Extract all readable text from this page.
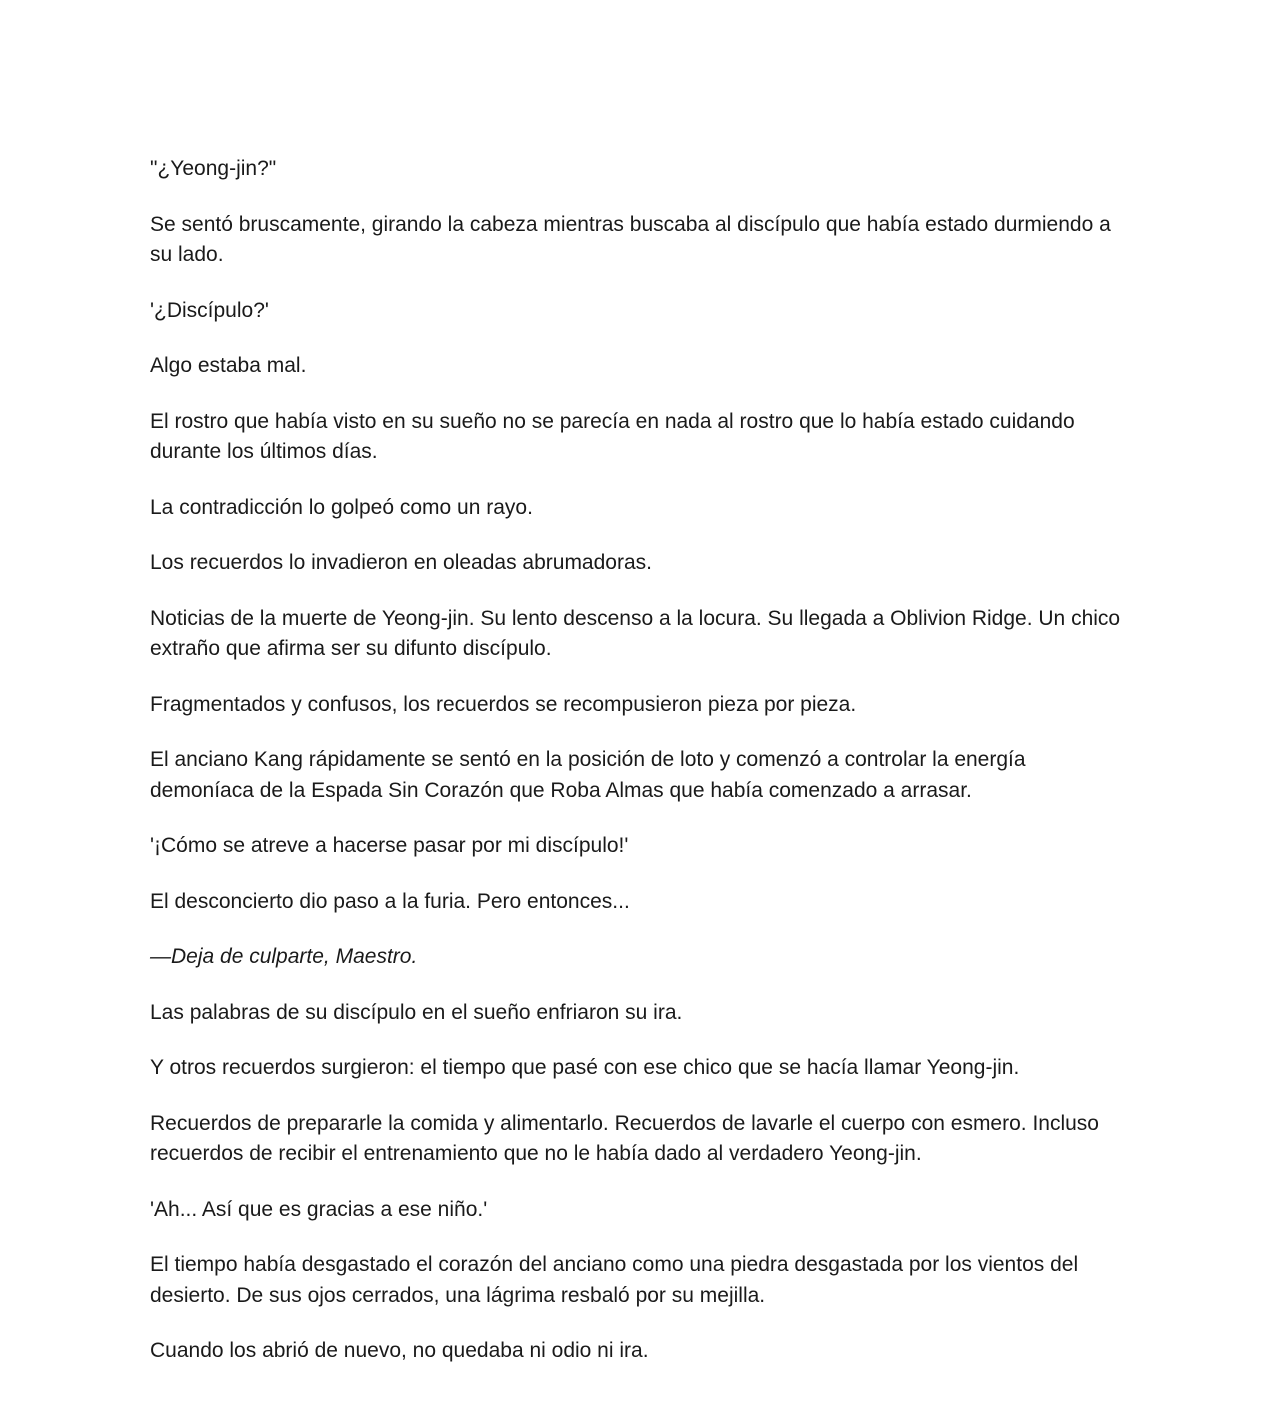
"¿Yeong-jin?"

Se sentó bruscamente, girando la cabeza mientras buscaba al discípulo que había estado durmiendo a su lado.

'¿Discípulo?'

Algo estaba mal.

El rostro que había visto en su sueño no se parecía en nada al rostro que lo había estado cuidando durante los últimos días.

La contradicción lo golpeó como un rayo.

Los recuerdos lo invadieron en oleadas abrumadoras.

Noticias de la muerte de Yeong-jin. Su lento descenso a la locura. Su llegada a Oblivion Ridge. Un chico extraño que afirma ser su difunto discípulo.

Fragmentados y confusos, los recuerdos se recompusieron pieza por pieza.

El anciano Kang rápidamente se sentó en la posición de loto y comenzó a controlar la energía demoníaca de la Espada Sin Corazón que Roba Almas que había comenzado a arrasar.

'¡Cómo se atreve a hacerse pasar por mi discípulo!'

El desconcierto dio paso a la furia. Pero entonces...

—Deja de culparte, Maestro.

Las palabras de su discípulo en el sueño enfriaron su ira.

Y otros recuerdos surgieron: el tiempo que pasé con ese chico que se hacía llamar Yeong-jin.

Recuerdos de prepararle la comida y alimentarlo. Recuerdos de lavarle el cuerpo con esmero. Incluso recuerdos de recibir el entrenamiento que no le había dado al verdadero Yeong-jin.

'Ah... Así que es gracias a ese niño.'

El tiempo había desgastado el corazón del anciano como una piedra desgastada por los vientos del desierto. De sus ojos cerrados, una lágrima resbaló por su mejilla.

Cuando los abrió de nuevo, no quedaba ni odio ni ira.
